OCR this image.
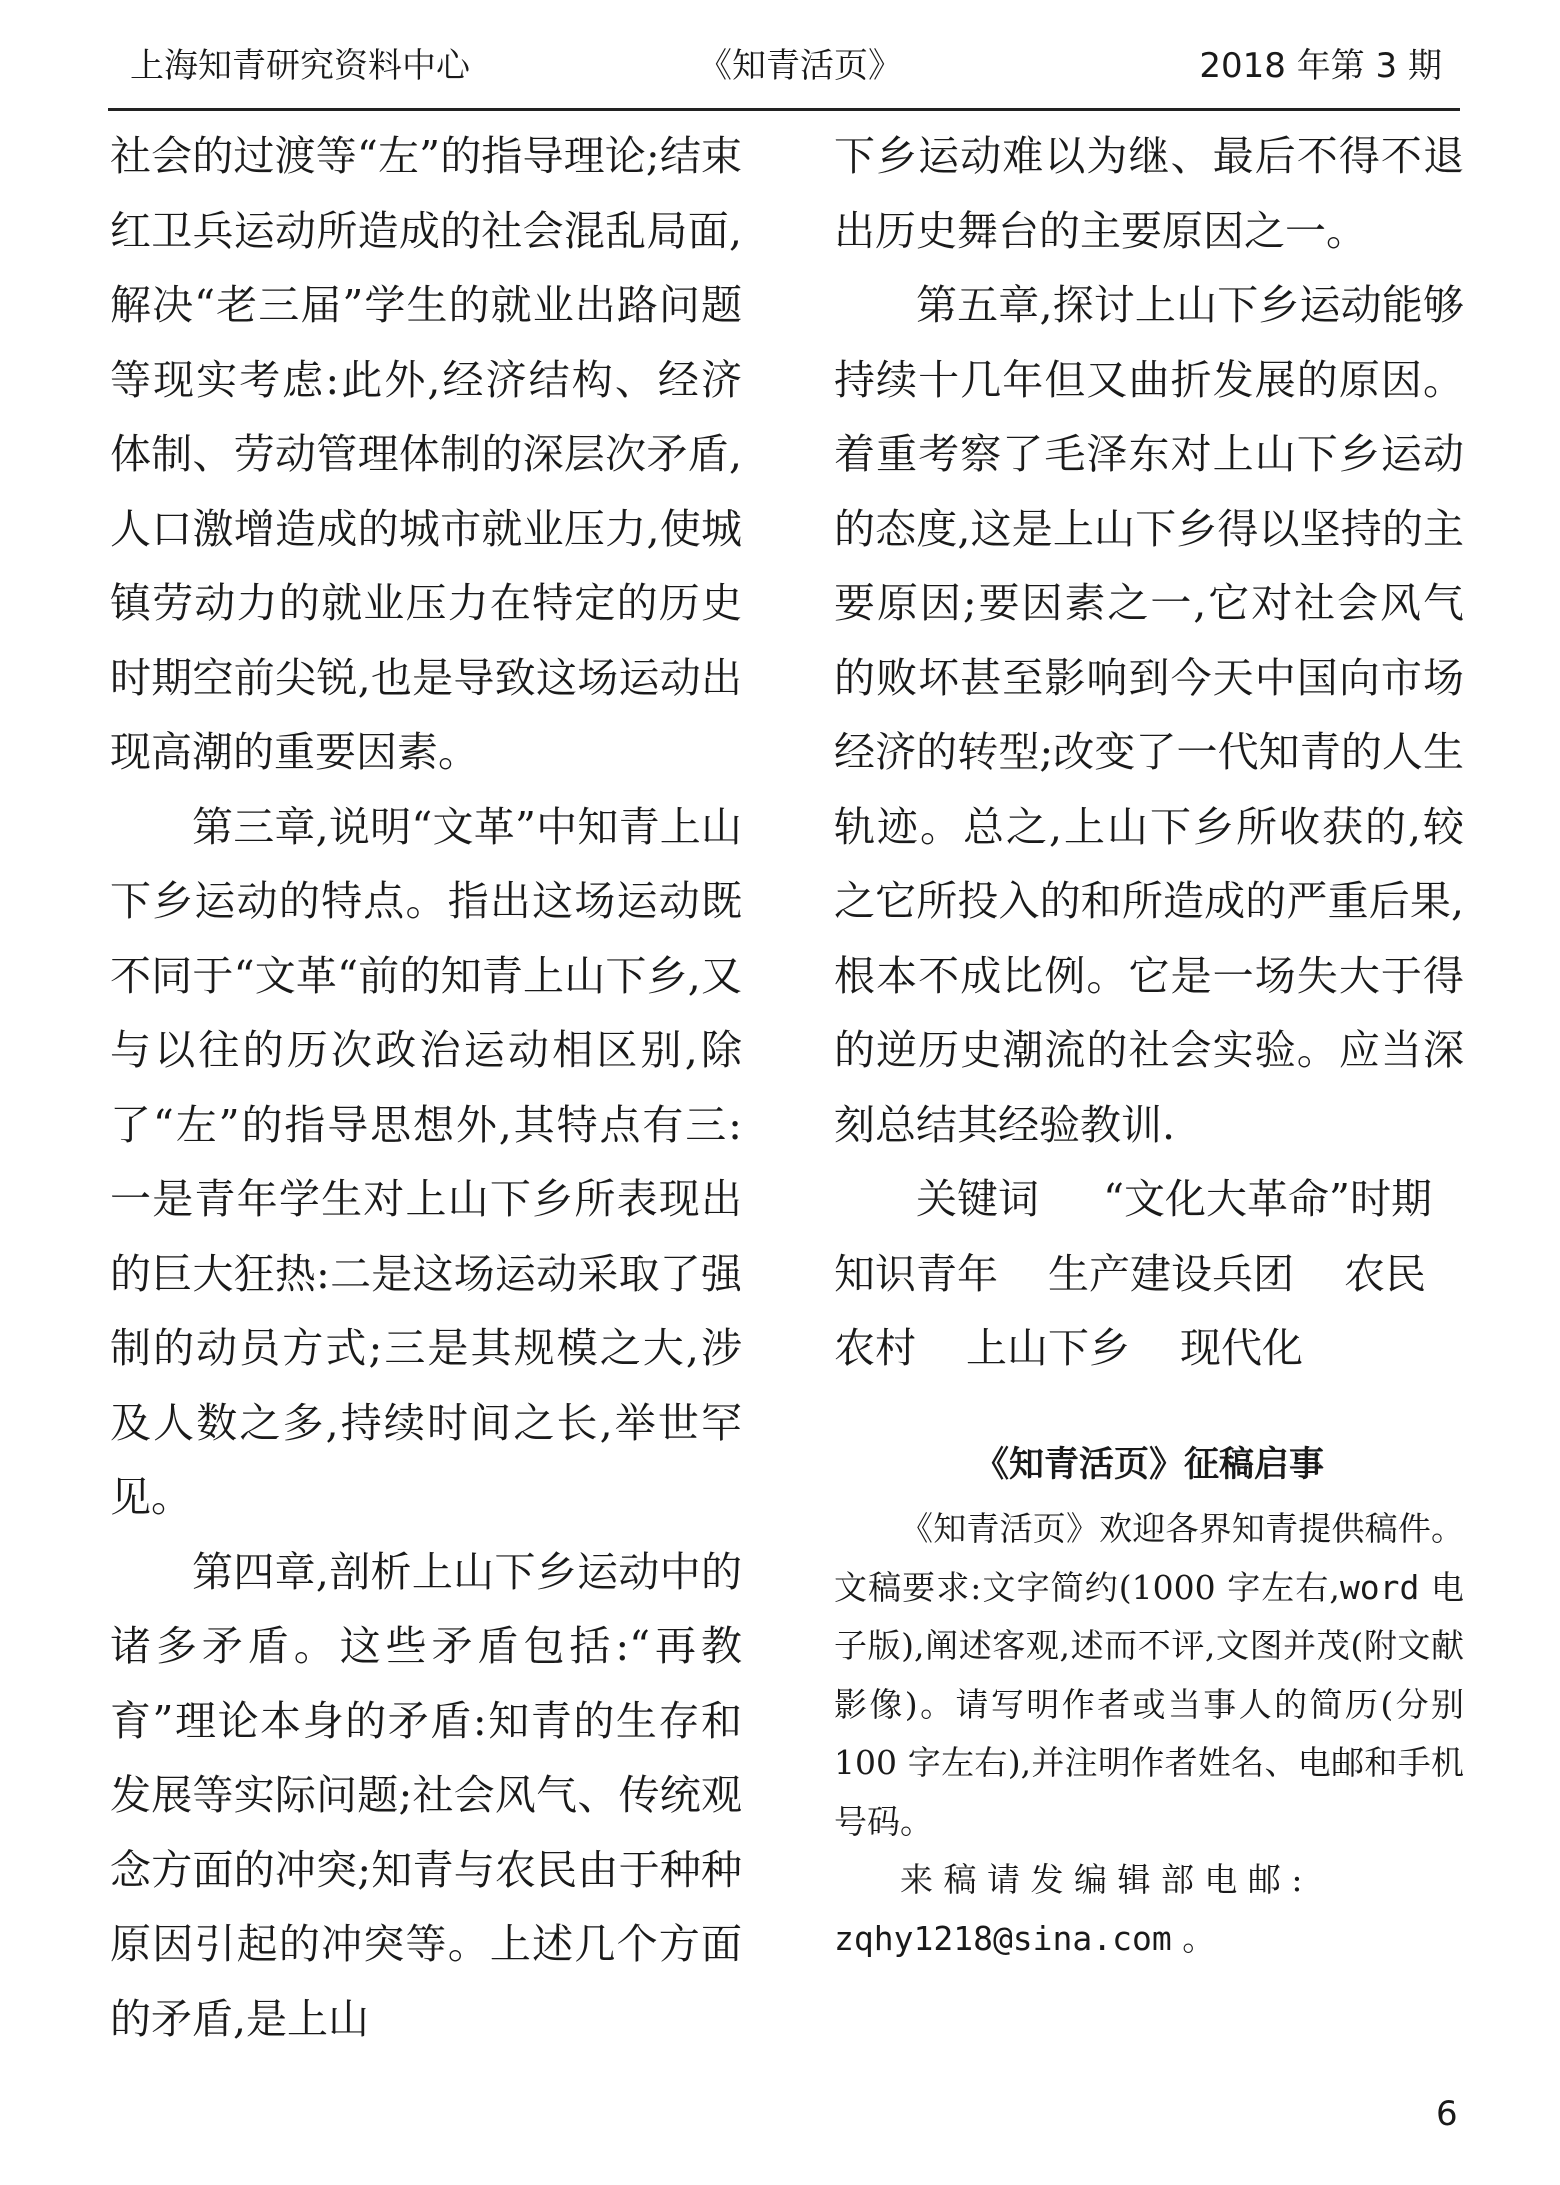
上海知青研究资料中心	《知青活页》	2018 年第 3 期

社会的过渡等“左”的指导理论;结束红卫兵运动所造成的社会混乱局面,解决“老三届”学生的就业出路问题等现实考虑:此外,经济结构、经济体制、劳动管理体制的深层次矛盾,人口激增造成的城市就业压力,使城镇劳动力的就业压力在特定的历史时期空前尖锐,也是导致这场运动出现高潮的重要因素。

第三章,说明“文革”中知青上山下乡运动的特点。指出这场运动既不同于“文革“前的知青上山下乡,又与以往的历次政治运动相区别,除了“左”的指导思想外,其特点有三:一是青年学生对上山下乡所表现出的巨大狂热:二是这场运动采取了强制的动员方式;三是其规模之大,涉及人数之多,持续时间之长,举世罕见。

第四章,剖析上山下乡运动中的诸多矛盾。这些矛盾包括:“再教育”理论本身的矛盾:知青的生存和发展等实际问题;社会风气、传统观念方面的冲突;知青与农民由于种种原因引起的冲突等。上述几个方面的矛盾,是上山

下乡运动难以为继、最后不得不退出历史舞台的主要原因之一。

第五章,探讨上山下乡运动能够持续十几年但又曲折发展的原因。着重考察了毛泽东对上山下乡运动的态度,这是上山下乡得以坚持的主要原因;要因素之一,它对社会风气的败坏甚至影响到今天中国向市场经济的转型;改变了一代知青的人生轨迹。总之,上山下乡所收获的,较之它所投入的和所造成的严重后果,根本不成比例。它是一场失大于得的逆历史潮流的社会实验。应当深刻总结其经验教训.

关键词 “文化大革命”时期
知识青年 生产建设兵团 农民
农村 上山下乡 现代化

《知青活页》征稿启事

《知青活页》欢迎各界知青提供稿件。文稿要求:文字简约(1000 字左右,word 电子版),阐述客观,述而不评,文图并茂(附文献影像)。请写明作者或当事人的简历(分别 100 字左右),并注明作者姓名、电邮和手机号码。

来 稿 请 发 编 辑 部 电 邮 :

zqhy1218@sina.com 。

6
